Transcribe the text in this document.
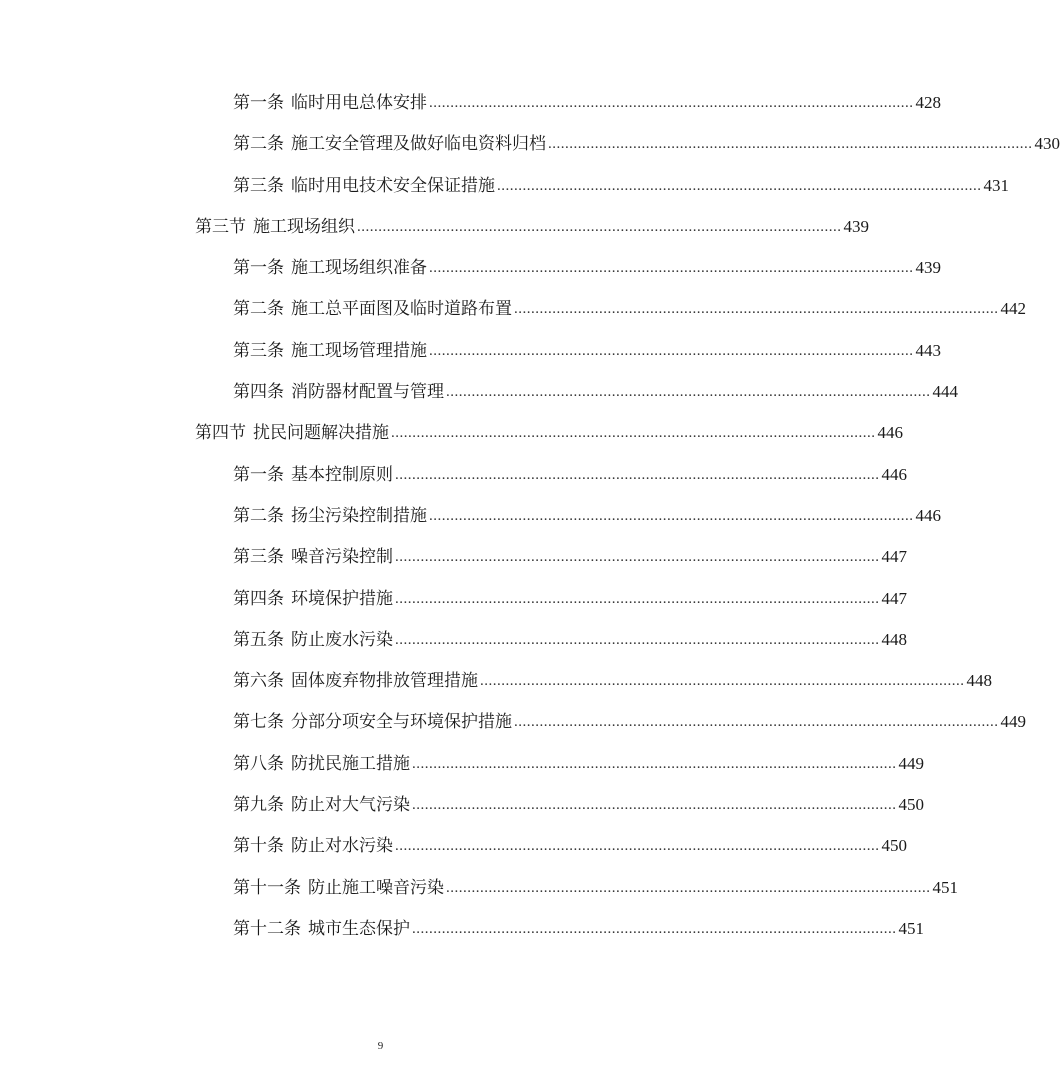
第一条 临时用电总体安排 .................................................................................................................. 428
第二条 施工安全管理及做好临电资料归档 .................................................................................................................. 430
第三条 临时用电技术安全保证措施 .................................................................................................................. 431
第三节 施工现场组织 .................................................................................................................. 439
第一条 施工现场组织准备 .................................................................................................................. 439
第二条 施工总平面图及临时道路布置 .................................................................................................................. 442
第三条 施工现场管理措施 .................................................................................................................. 443
第四条 消防器材配置与管理 .................................................................................................................. 444
第四节 扰民问题解决措施 .................................................................................................................. 446
第一条 基本控制原则 .................................................................................................................. 446
第二条 扬尘污染控制措施 .................................................................................................................. 446
第三条 噪音污染控制 .................................................................................................................. 447
第四条 环境保护措施 .................................................................................................................. 447
第五条 防止废水污染 .................................................................................................................. 448
第六条 固体废弃物排放管理措施 .................................................................................................................. 448
第七条 分部分项安全与环境保护措施 .................................................................................................................. 449
第八条 防扰民施工措施 .................................................................................................................. 449
第九条 防止对大气污染 .................................................................................................................. 450
第十条 防止对水污染 .................................................................................................................. 450
第十一条 防止施工噪音污染 .................................................................................................................. 451
第十二条 城市生态保护 .................................................................................................................. 451
9
